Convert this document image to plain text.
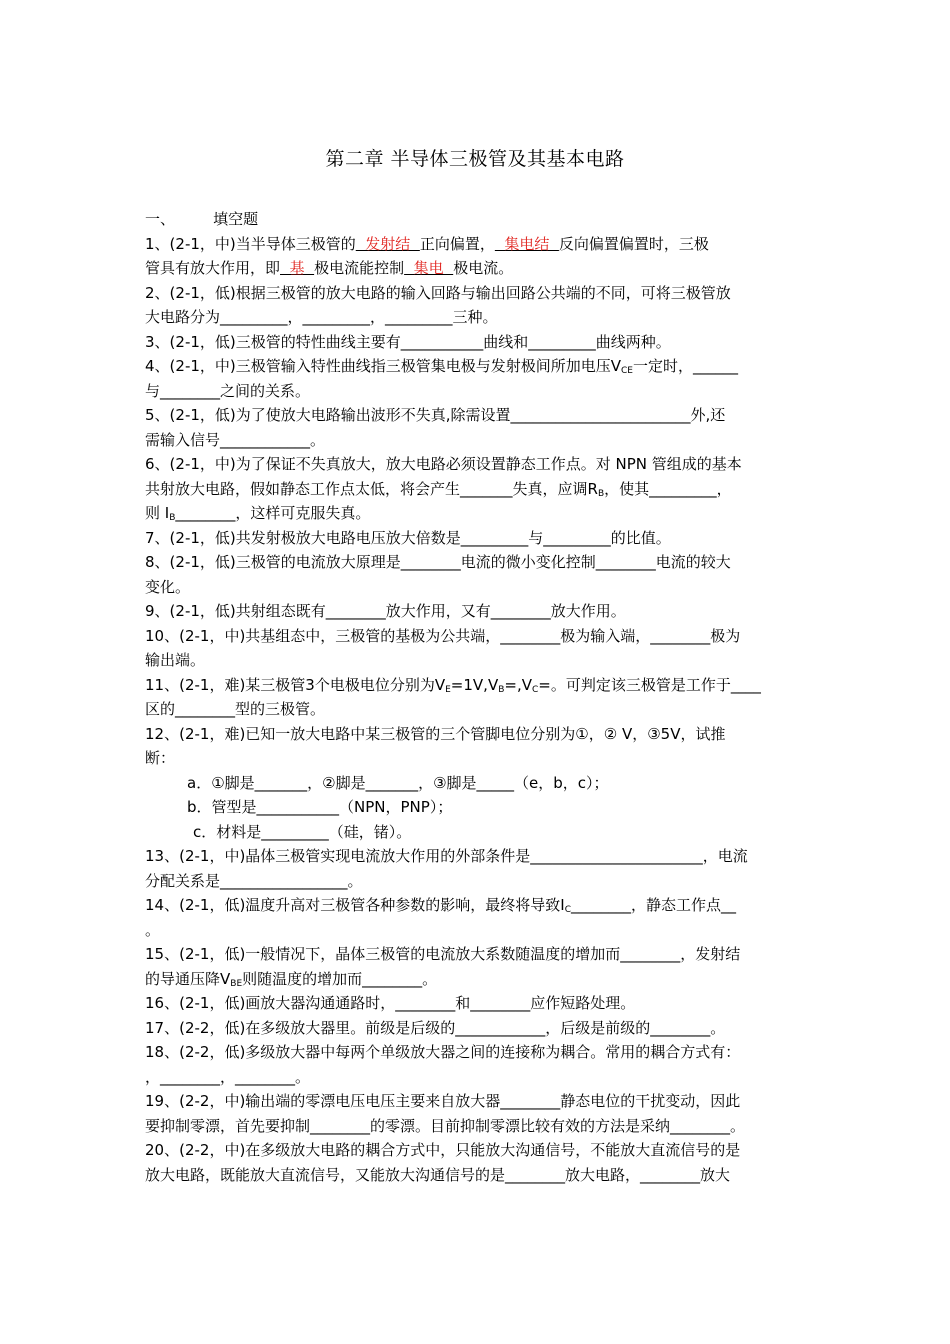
第二章 半导体三极管及其基本电路
一、	填空题
1、(2-1，中)当半导体三极管的  发射结  正向偏置，  集电结  反向偏置偏置时，三极
管具有放大作用，即  基  极电流能控制  集电  极电流。
2、(2-1，低)根据三极管的放大电路的输入回路与输出回路公共端的不同，可将三极管放
大电路分为_________，_________，_________三种。
3、(2-1，低)三极管的特性曲线主要有___________曲线和_________曲线两种。
4、(2-1，中)三极管输入特性曲线指三极管集电极与发射极间所加电压$V_{CE}$一定时，______
与________之间的关系。
5、(2-1，低)为了使放大电路输出波形不失真,除需设置________________________外,还
需输入信号____________。
6、(2-1，中)为了保证不失真放大，放大电路必须设置静态工作点。对 NPN 管组成的基本
共射放大电路，假如静态工作点太低，将会产生_______失真，应调$R_B$，使其_________，
则 $I_B\_\_\_\_\_\_\_\_$，这样可克服失真。
7、(2-1，低)共发射极放大电路电压放大倍数是_________与_________的比值。
8、(2-1，低)三极管的电流放大原理是________电流的微小变化控制________电流的较大
变化。
9、(2-1，低)共射组态既有________放大作用，又有________放大作用。
10、(2-1，中)共基组态中，三极管的基极为公共端，________极为输入端，________极为
输出端。
11、(2-1，难)某三极管3个电极电位分别为$V_E=1V,V_B=,V_C=$。可判定该三极管是工作于____
区的________型的三极管。
12、(2-1，难)已知一放大电路中某三极管的三个管脚电位分别为①，② V，③5V，试推
断：
a．①脚是_______，②脚是_______，③脚是_____（e，b，c）；
b．管型是___________（NPN，PNP）；
c．材料是_________（硅，锗）。
13、(2-1，中)晶体三极管实现电流放大作用的外部条件是_______________________，电流
分配关系是_________________。
14、(2-1，低)温度升高对三极管各种参数的影响，最终将导致$I_C\_\_\_\_\_\_\_\_$，静态工作点__
。
15、(2-1，低)一般情况下，晶体三极管的电流放大系数随温度的增加而________，发射结
的导通压降$V_{BE}$则随温度的增加而________。
16、(2-1，低)画放大器沟通通路时，________和________应作短路处理。
17、(2-2，低)在多级放大器里。前级是后级的____________，后级是前级的________。
18、(2-2，低)多级放大器中每两个单级放大器之间的连接称为耦合。常用的耦合方式有：
，________，________。
19、(2-2，中)输出端的零漂电压电压主要来自放大器________静态电位的干扰变动，因此
要抑制零漂，首先要抑制________的零漂。目前抑制零漂比较有效的方法是采纳________。
20、(2-2，中)在多级放大电路的耦合方式中，只能放大沟通信号，不能放大直流信号的是
放大电路，既能放大直流信号，又能放大沟通信号的是________放大电路，________放大
